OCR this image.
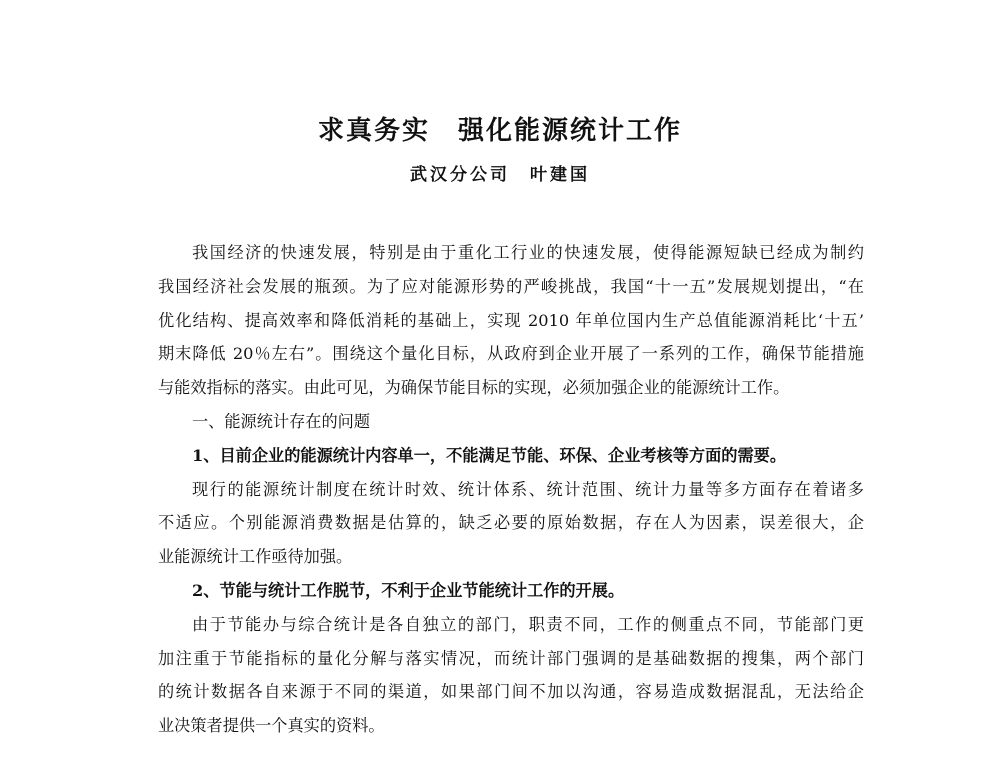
求真务实　强化能源统计工作
武汉分公司　叶建国
我国经济的快速发展，特别是由于重化工行业的快速发展，使得能源短缺已经成为制约
我国经济社会发展的瓶颈。为了应对能源形势的严峻挑战，我国“十一五”发展规划提出，“在
优化结构、提高效率和降低消耗的基础上，实现 2010 年单位国内生产总值能源消耗比‘十五’
期末降低 20％左右”。围绕这个量化目标，从政府到企业开展了一系列的工作，确保节能措施
与能效指标的落实。由此可见，为确保节能目标的实现，必须加强企业的能源统计工作。
一、能源统计存在的问题
1、目前企业的能源统计内容单一，不能满足节能、环保、企业考核等方面的需要。
现行的能源统计制度在统计时效、统计体系、统计范围、统计力量等多方面存在着诸多
不适应。个别能源消费数据是估算的，缺乏必要的原始数据，存在人为因素，误差很大，企
业能源统计工作亟待加强。
2、节能与统计工作脱节，不利于企业节能统计工作的开展。
由于节能办与综合统计是各自独立的部门，职责不同，工作的侧重点不同，节能部门更
加注重于节能指标的量化分解与落实情况，而统计部门强调的是基础数据的搜集，两个部门
的统计数据各自来源于不同的渠道，如果部门间不加以沟通，容易造成数据混乱，无法给企
业决策者提供一个真实的资料。
